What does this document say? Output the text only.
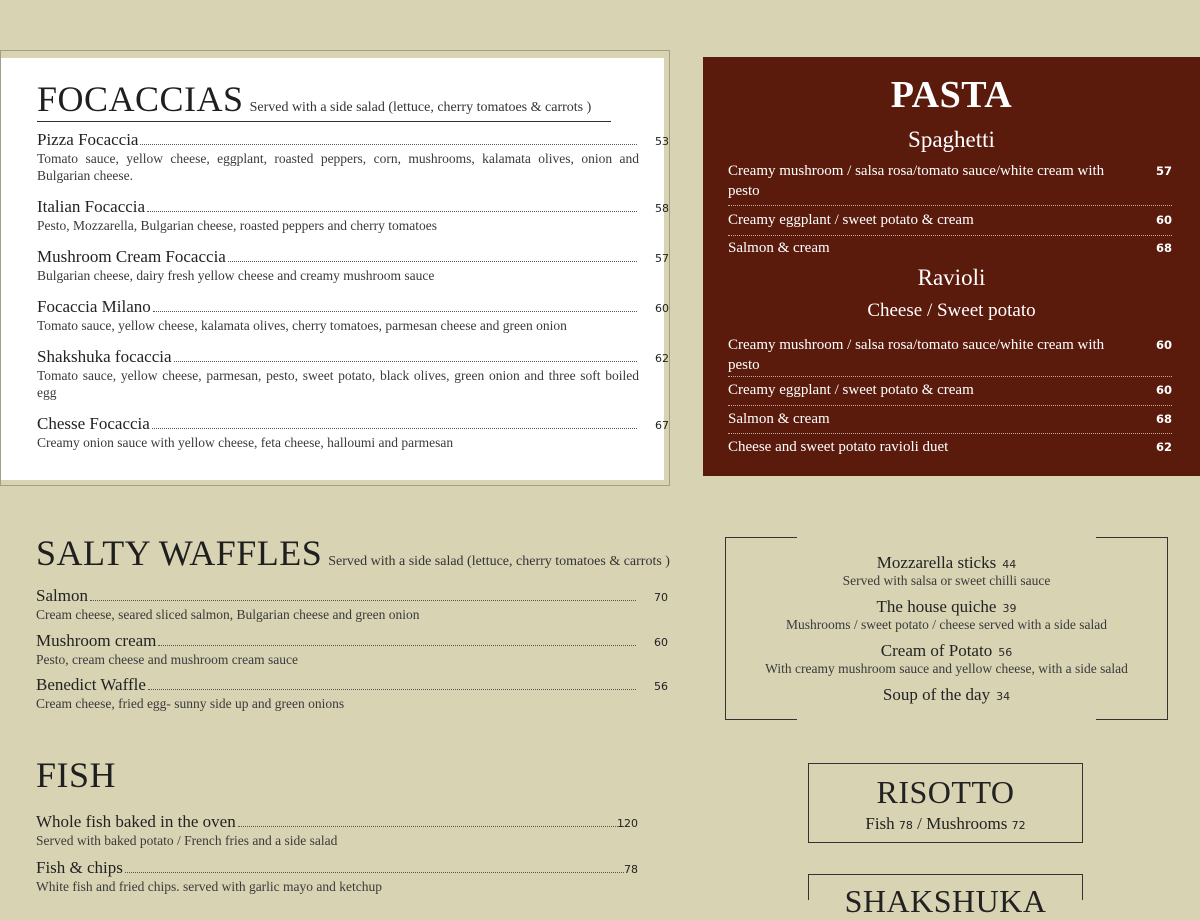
FOCACCIAS Served with a side salad (lettuce, cherry tomatoes & carrots )
Pizza Focaccia	53
Tomato sauce, yellow cheese, eggplant, roasted peppers, corn, mushrooms, kalamata olives, onion and Bulgarian cheese.
Italian Focaccia	58
Pesto, Mozzarella, Bulgarian cheese, roasted peppers and cherry tomatoes
Mushroom Cream Focaccia	57
Bulgarian cheese, dairy fresh yellow cheese and creamy mushroom sauce
Focaccia Milano	60
Tomato sauce, yellow cheese, kalamata olives, cherry tomatoes, parmesan cheese and green onion
Shakshuka focaccia	62
Tomato sauce, yellow cheese, parmesan, pesto, sweet potato, black olives, green onion and three soft boiled egg
Chesse Focaccia	67
Creamy onion sauce with yellow cheese, feta cheese, halloumi and parmesan
PASTA
Spaghetti
Creamy mushroom / salsa rosa/tomato sauce/white cream with pesto
57
Creamy eggplant / sweet potato & cream	60
Salmon & cream	68
Ravioli
Cheese / Sweet potato
Creamy mushroom / salsa rosa/tomato sauce/white cream with pesto
60
Creamy eggplant / sweet potato & cream	60
Salmon & cream	68
Cheese and sweet potato ravioli duet	62
SALTY WAFFLES Served with a side salad (lettuce, cherry tomatoes & carrots )
Salmon	70
Cream cheese, seared sliced salmon, Bulgarian cheese and green onion
Mushroom cream	60
Pesto, cream cheese and mushroom cream sauce
Benedict Waffle	56
Cream cheese, fried egg- sunny side up and green onions
FISH
Whole fish baked in the oven	120
Served with baked potato / French fries and a side salad
Fish & chips	78
White fish and fried chips. served with garlic mayo and ketchup
Mozzarella sticks 44
Served with salsa or sweet chilli sauce
The house quiche 39
Mushrooms / sweet potato / cheese served with a side salad
Cream of Potato 56
With creamy mushroom sauce and yellow cheese, with a side salad
Soup of the day 34
RISOTTO
Fish 78 / Mushrooms 72
SHAKSHUKA
